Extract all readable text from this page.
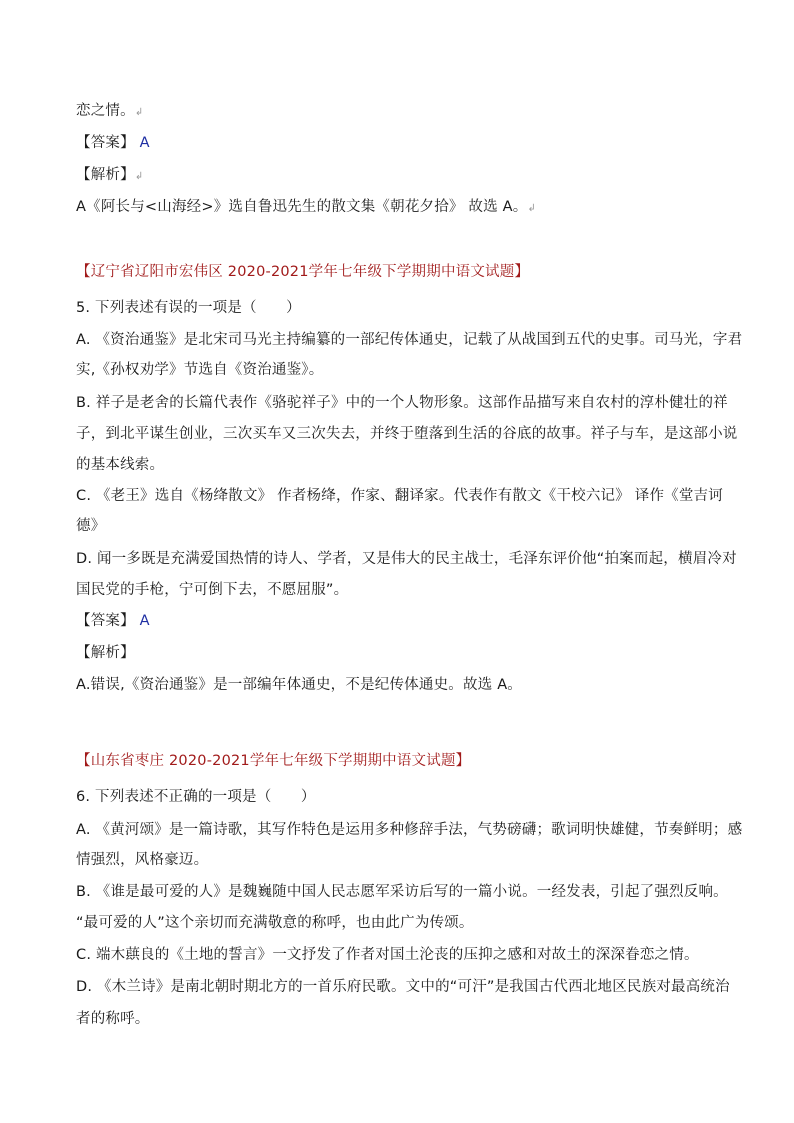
恋之情。↲
【答案】 A
【解析】↲
A《阿长与<山海经>》选自鲁迅先生的散文集《朝花夕拾》 故选 A。↲
【辽宁省辽阳市宏伟区 2020-2021学年七年级下学期期中语文试题】
5. 下列表述有误的一项是（　　）
A. 《资治通鉴》是北宋司马光主持编纂的一部纪传体通史，记载了从战国到五代的史事。司马光，字君
实,《孙权劝学》节选自《资治通鉴》。
B. 祥子是老舍的长篇代表作《骆驼祥子》中的一个人物形象。这部作品描写来自农村的淳朴健壮的祥
子，到北平谋生创业，三次买车又三次失去，并终于堕落到生活的谷底的故事。祥子与车，是这部小说
的基本线索。
C. 《老王》选自《杨绛散文》 作者杨绛，作家、翻译家。代表作有散文《干校六记》 译作《堂吉诃
德》
D. 闻一多既是充满爱国热情的诗人、学者，又是伟大的民主战士，毛泽东评价他“拍案而起，横眉冷对
国民党的手枪，宁可倒下去，不愿屈服”。
【答案】 A
【解析】
A.错误,《资治通鉴》是一部编年体通史，不是纪传体通史。故选 A。
【山东省枣庄 2020-2021学年七年级下学期期中语文试题】
6. 下列表述不正确的一项是（　　）
A. 《黄河颂》是一篇诗歌，其写作特色是运用多种修辞手法，气势磅礴；歌词明快雄健，节奏鲜明；感
情强烈，风格豪迈。
B. 《谁是最可爱的人》是魏巍随中国人民志愿军采访后写的一篇小说。一经发表，引起了强烈反响。
“最可爱的人”这个亲切而充满敬意的称呼，也由此广为传颂。
C. 端木蕻良的《土地的誓言》一文抒发了作者对国土沦丧的压抑之感和对故土的深深眷恋之情。
D. 《木兰诗》是南北朝时期北方的一首乐府民歌。文中的“可汗”是我国古代西北地区民族对最高统治
者的称呼。
